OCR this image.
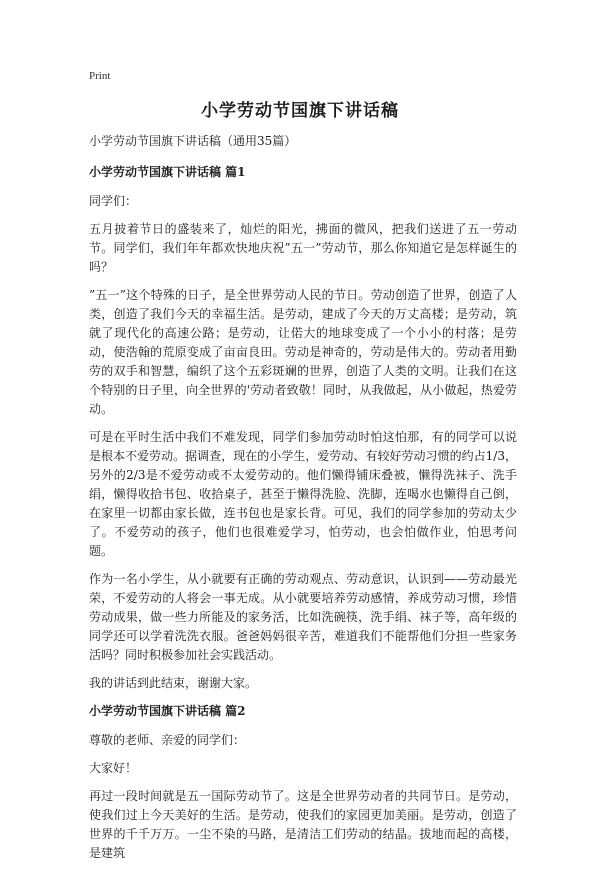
Print
小学劳动节国旗下讲话稿

小学劳动节国旗下讲话稿（通用35篇）

小学劳动节国旗下讲话稿 篇1

同学们：

五月披着节日的盛装来了，灿烂的阳光，拂面的微风，把我们送进了五一劳动节。同学们，我们年年都欢快地庆祝”五一”劳动节，那么你知道它是怎样诞生的吗？

”五一”这个特殊的日子，是全世界劳动人民的节日。劳动创造了世界，创造了人类，创造了我们今天的幸福生活。是劳动，建成了今天的万丈高楼；是劳动，筑就了现代化的高速公路；是劳动，让偌大的地球变成了一个小小的村落；是劳动，使浩翰的荒原变成了亩亩良田。劳动是神奇的，劳动是伟大的。劳动者用勤劳的双手和智慧，编织了这个五彩斑斓的世界，创造了人类的文明。让我们在这个特别的日子里，向全世界的'劳动者致敬！同时，从我做起，从小做起，热爱劳动。

可是在平时生活中我们不难发现，同学们参加劳动时怕这怕那，有的同学可以说是根本不爱劳动。据调查，现在的小学生，爱劳动、有较好劳动习惯的约占1/3，另外的2/3是不爱劳动或不太爱劳动的。他们懒得铺床叠被，懒得洗袜子、洗手绢，懒得收拾书包、收拾桌子，甚至于懒得洗脸、洗脚，连喝水也懒得自己倒，在家里一切都由家长做，连书包也是家长背。可见，我们的同学参加的劳动太少了。不爱劳动的孩子，他们也很难爱学习，怕劳动，也会怕做作业，怕思考问题。

作为一名小学生，从小就要有正确的劳动观点、劳动意识，认识到——劳动最光荣，不爱劳动的人将会一事无成。从小就要培养劳动感情，养成劳动习惯，珍惜劳动成果，做一些力所能及的家务活，比如洗碗筷，洗手绢、袜子等，高年级的同学还可以学着洗洗衣服。爸爸妈妈很辛苦，难道我们不能帮他们分担一些家务活吗？同时积极参加社会实践活动。

我的讲话到此结束，谢谢大家。

小学劳动节国旗下讲话稿 篇2

尊敬的老师、亲爱的同学们：

大家好！

再过一段时间就是五一国际劳动节了。这是全世界劳动者的共同节日。是劳动，使我们过上今天美好的生活。是劳动，使我们的家园更加美丽。是劳动，创造了世界的千千万万。一尘不染的马路，是清洁工们劳动的结晶。拔地而起的高楼，是建筑
